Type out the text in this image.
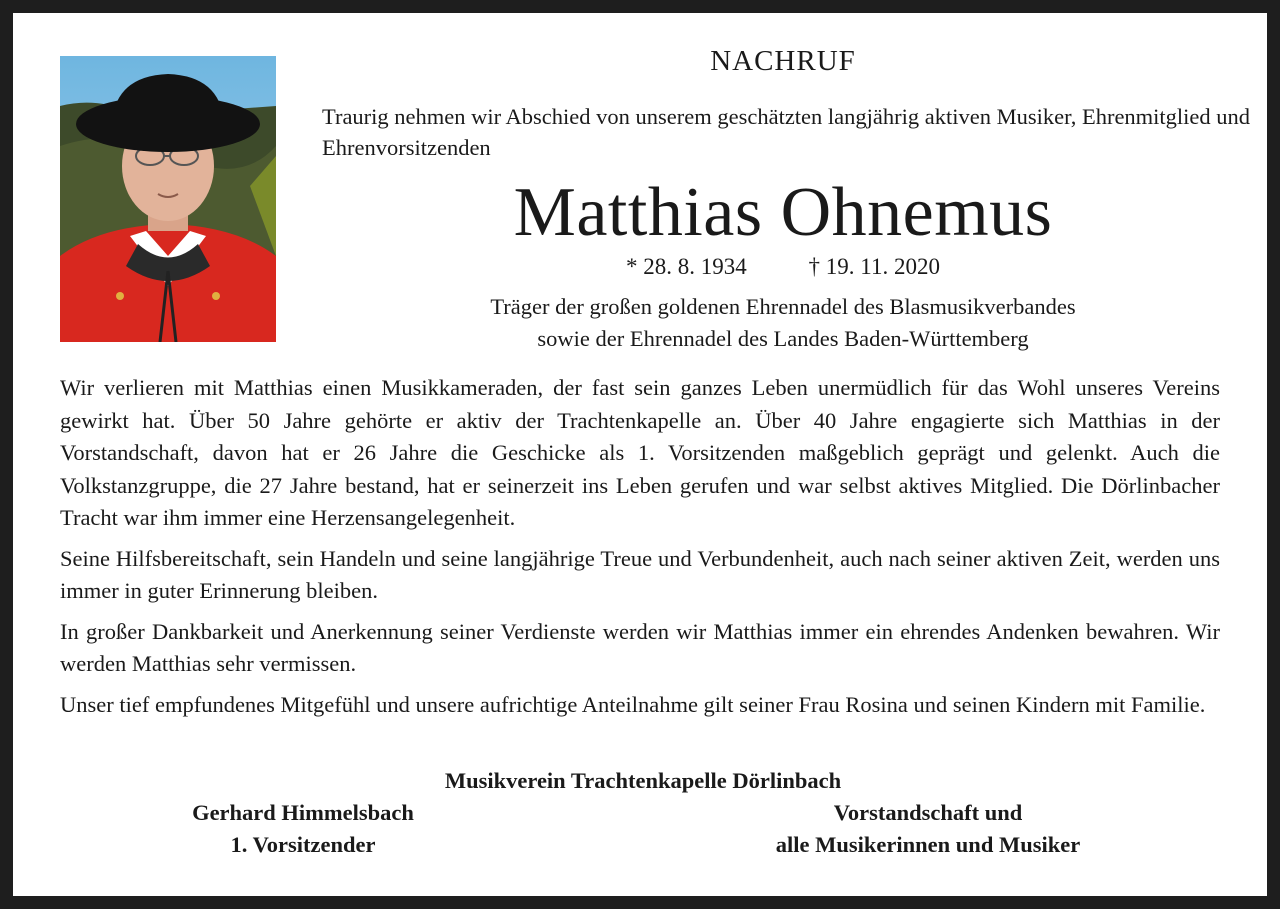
NACHRUF

Traurig nehmen wir Abschied von unserem geschätzten langjährig aktiven Musiker, Ehrenmitglied und Ehrenvorsitzenden

Matthias Ohnemus
* 28. 8. 1934	† 19. 11. 2020
Träger der großen goldenen Ehrennadel des Blasmusikverbandes
sowie der Ehrennadel des Landes Baden-Württemberg

Wir verlieren mit Matthias einen Musikkameraden, der fast sein ganzes Leben unermüdlich für das Wohl unseres Vereins gewirkt hat. Über 50 Jahre gehörte er aktiv der Trachtenkapelle an. Über 40 Jahre engagierte sich Matthias in der Vorstandschaft, davon hat er 26 Jahre die Geschicke als 1. Vorsitzenden maßgeblich geprägt und gelenkt. Auch die Volkstanzgruppe, die 27 Jahre bestand, hat er seinerzeit ins Leben gerufen und war selbst aktives Mitglied. Die Dörlinbacher Tracht war ihm immer eine Herzensangelegenheit.

Seine Hilfsbereitschaft, sein Handeln und seine langjährige Treue und Verbundenheit, auch nach seiner aktiven Zeit, werden uns immer in guter Erinnerung bleiben.

In großer Dankbarkeit und Anerkennung seiner Verdienste werden wir Matthias immer ein ehrendes Andenken bewahren. Wir werden Matthias sehr vermissen.

Unser tief empfundenes Mitgefühl und unsere aufrichtige Anteilnahme gilt seiner Frau Rosina und seinen Kindern mit Familie.

Musikverein Trachtenkapelle Dörlinbach
Gerhard Himmelsbach
1. Vorsitzender
Vorstandschaft und
alle Musikerinnen und Musiker
